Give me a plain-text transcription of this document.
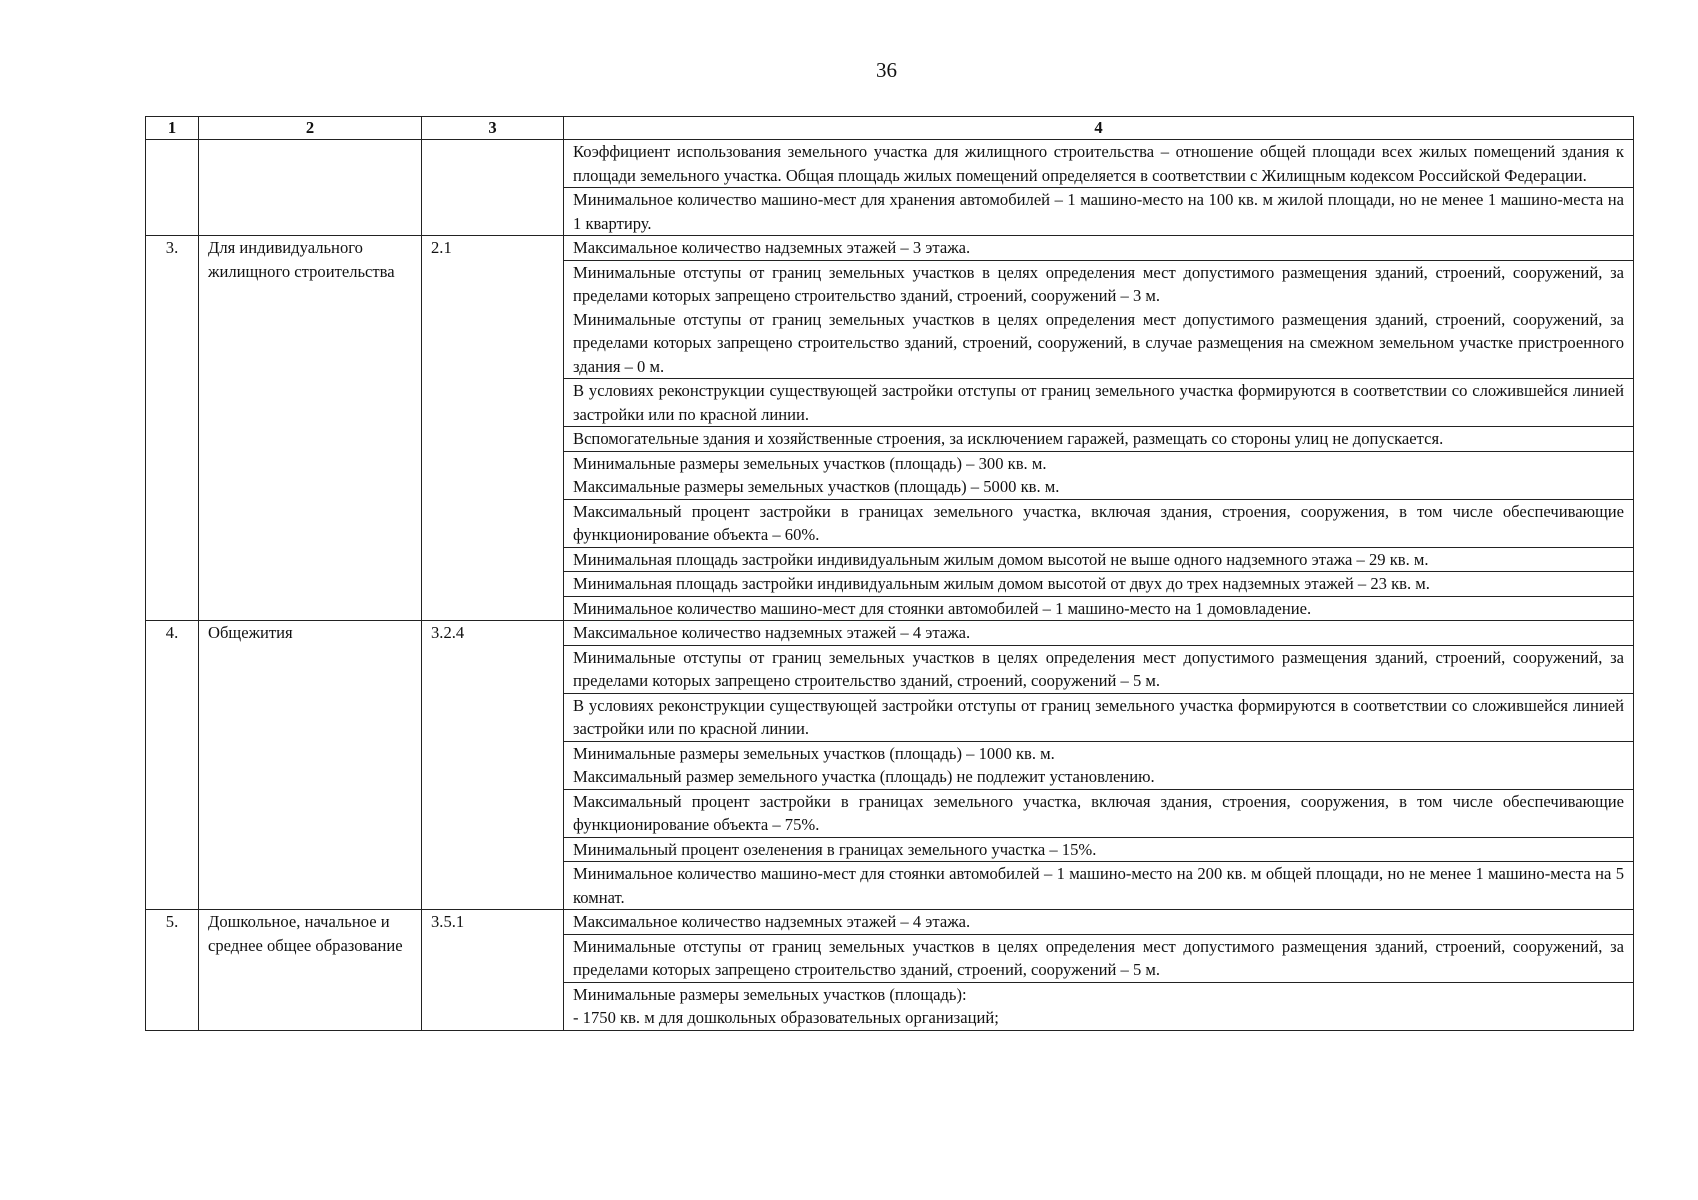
36
1	2	3	4

			Коэффициент использования земельного участка для жилищного строительства – отношение общей площади всех жилых помещений здания к площади земельного участка. Общая площадь жилых помещений определяется в соответствии с Жилищным кодексом Российской Федерации.

			Минимальное количество машино-мест для хранения автомобилей – 1 машино-место на 100 кв. м жилой площади, но не менее 1 машино-места на 1 квартиру.

3.	Для индивидуального жилищного строительства	2.1	Максимальное количество надземных этажей – 3 этажа.

			Минимальные отступы от границ земельных участков в целях определения мест допустимого размещения зданий, строений, сооружений, за пределами которых запрещено строительство зданий, строений, сооружений – 3 м.
Минимальные отступы от границ земельных участков в целях определения мест допустимого размещения зданий, строений, сооружений, за пределами которых запрещено строительство зданий, строений, сооружений, в случае размещения на смежном земельном участке пристроенного здания – 0 м.

			В условиях реконструкции существующей застройки отступы от границ земельного участка формируются в соответствии со сложившейся линией застройки или по красной линии.

			Вспомогательные здания и хозяйственные строения, за исключением гаражей, размещать со стороны улиц не допускается.

			Минимальные размеры земельных участков (площадь) – 300 кв. м.
Максимальные размеры земельных участков (площадь) – 5000 кв. м.

			Максимальный процент застройки в границах земельного участка, включая здания, строения, сооружения, в том числе обеспечивающие функционирование объекта – 60%.

			Минимальная площадь застройки индивидуальным жилым домом высотой не выше одного надземного этажа – 29 кв. м.

			Минимальная площадь застройки индивидуальным жилым домом высотой от двух до трех надземных этажей – 23 кв. м.

			Минимальное количество машино-мест для стоянки автомобилей – 1 машино-место на 1 домовладение.

4.	Общежития	3.2.4	Максимальное количество надземных этажей – 4 этажа.

			Минимальные отступы от границ земельных участков в целях определения мест допустимого размещения зданий, строений, сооружений, за пределами которых запрещено строительство зданий, строений, сооружений – 5 м.

			В условиях реконструкции существующей застройки отступы от границ земельного участка формируются в соответствии со сложившейся линией застройки или по красной линии.

			Минимальные размеры земельных участков (площадь) – 1000 кв. м.
Максимальный размер земельного участка (площадь) не подлежит установлению.

			Максимальный процент застройки в границах земельного участка, включая здания, строения, сооружения, в том числе обеспечивающие функционирование объекта – 75%.

			Минимальный процент озеленения в границах земельного участка – 15%.

			Минимальное количество машино-мест для стоянки автомобилей – 1 машино-место на 200 кв. м общей площади, но не менее 1 машино-места на 5 комнат.

5.	Дошкольное, начальное и среднее общее образование	3.5.1	Максимальное количество надземных этажей – 4 этажа.

			Минимальные отступы от границ земельных участков в целях определения мест допустимого размещения зданий, строений, сооружений, за пределами которых запрещено строительство зданий, строений, сооружений – 5 м.

			Минимальные размеры земельных участков (площадь):
- 1750 кв. м для дошкольных образовательных организаций;
